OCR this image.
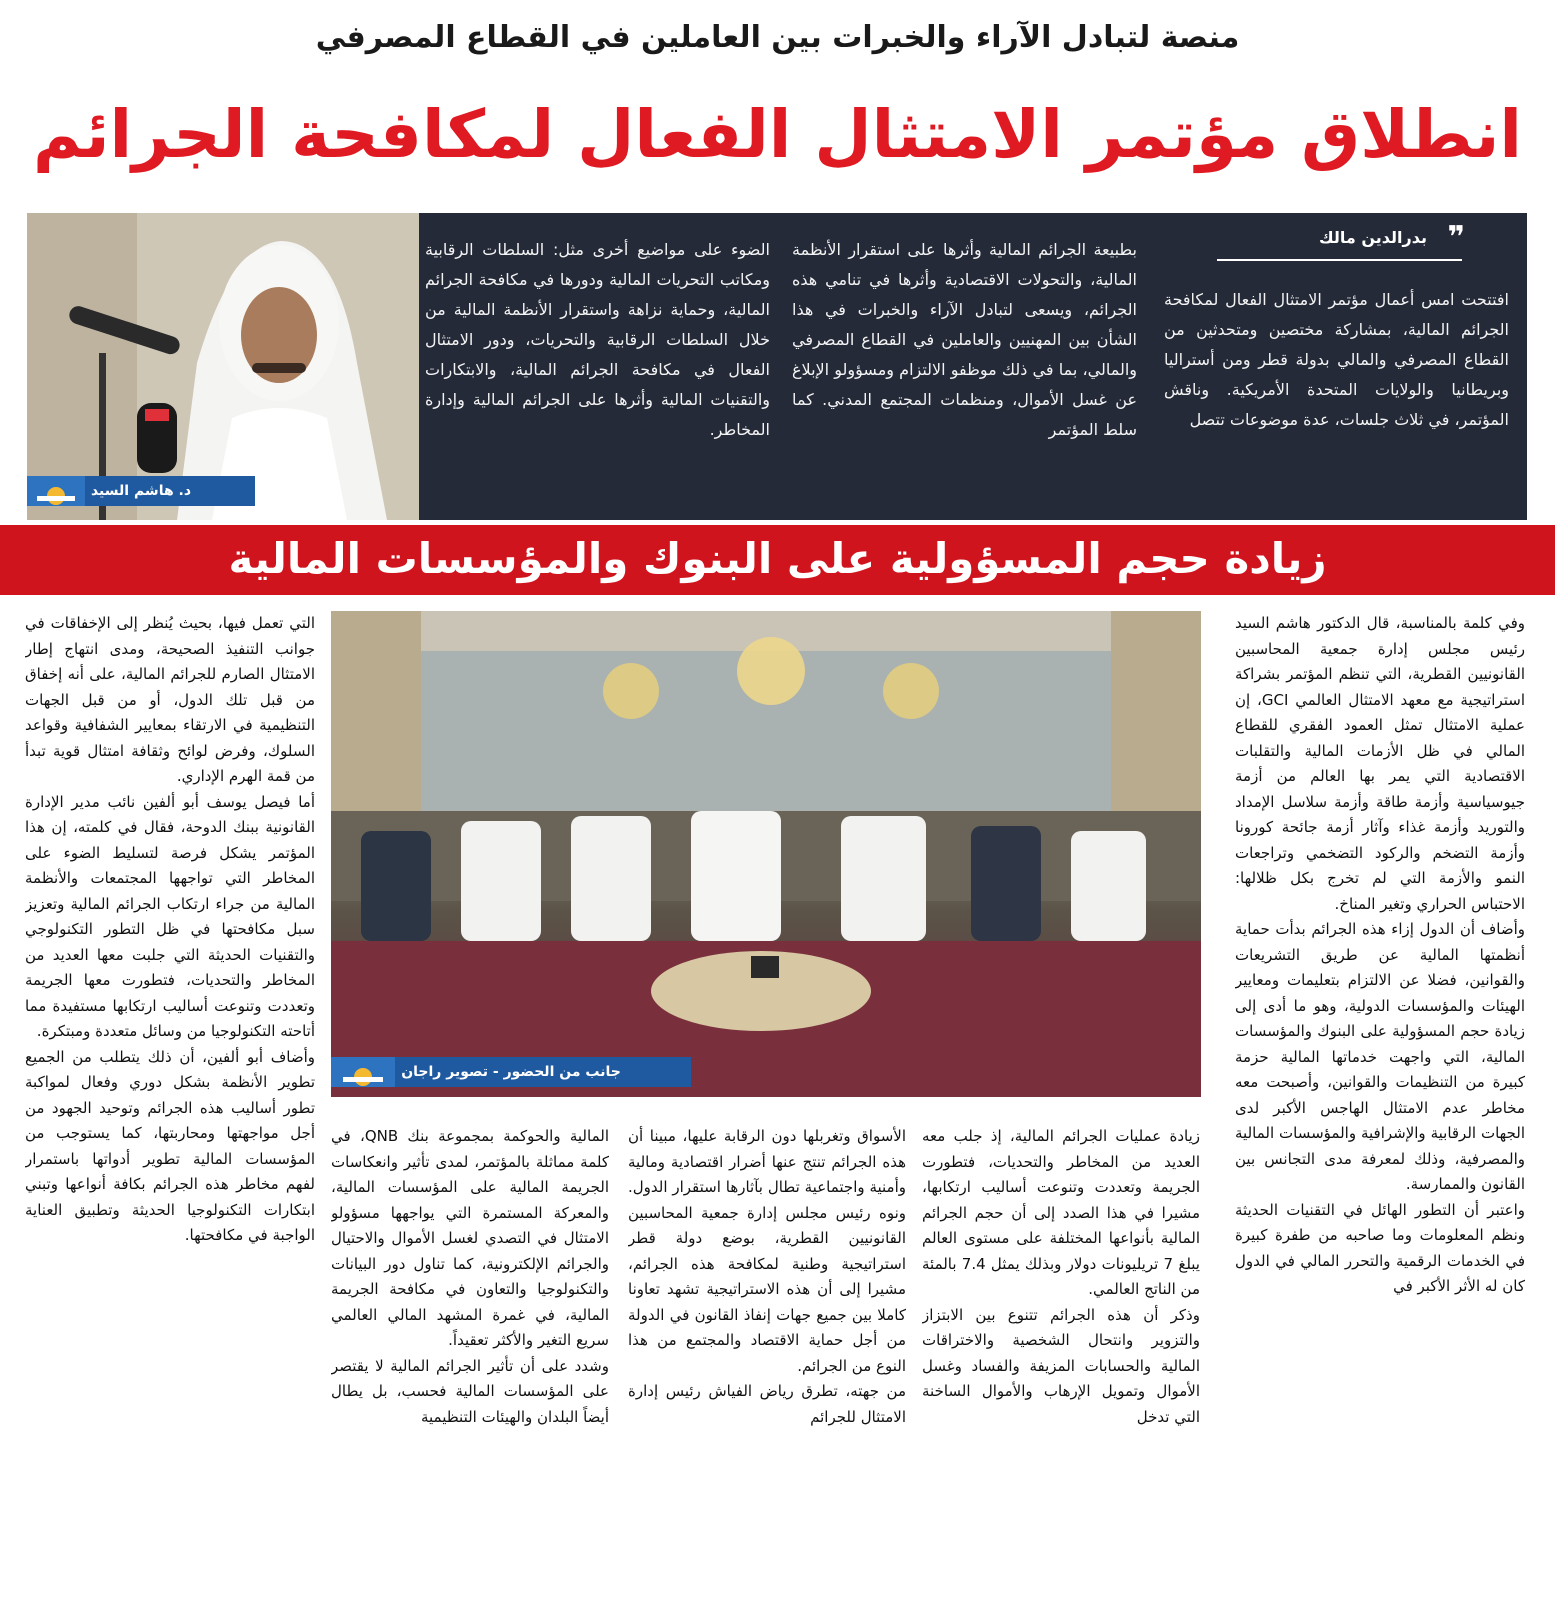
منصة لتبادل الآراء والخبرات بين العاملين في القطاع المصرفي
انطلاق مؤتمر الامتثال الفعال لمكافحة الجرائم
د. هاشم السيد
❞
بدرالدين مالك
افتتحت امس أعمال مؤتمر الامتثال الفعال لمكافحة الجرائم المالية، بمشاركة مختصين ومتحدثين من القطاع المصرفي والمالي بدولة قطر ومن أستراليا وبريطانيا والولايات المتحدة الأمريكية. وناقش المؤتمر، في ثلاث جلسات، عدة موضوعات تتصل
بطبيعة الجرائم المالية وأثرها على استقرار الأنظمة المالية، والتحولات الاقتصادية وأثرها في تنامي هذه الجرائم، ويسعى لتبادل الآراء والخبرات في هذا الشأن بين المهنيين والعاملين في القطاع المصرفي والمالي، بما في ذلك موظفو الالتزام ومسؤولو الإبلاغ عن غسل الأموال، ومنظمات المجتمع المدني. كما سلط المؤتمر
الضوء على مواضيع أخرى مثل: السلطات الرقابية ومكاتب التحريات المالية ودورها في مكافحة الجرائم المالية، وحماية نزاهة واستقرار الأنظمة المالية من خلال السلطات الرقابية والتحريات، ودور الامتثال الفعال في مكافحة الجرائم المالية، والابتكارات والتقنيات المالية وأثرها على الجرائم المالية وإدارة المخاطر.
زيادة حجم المسؤولية على البنوك والمؤسسات المالية

وفي كلمة بالمناسبة، قال الدكتور هاشم السيد رئيس مجلس إدارة جمعية المحاسبين القانونيين القطرية، التي تنظم المؤتمر بشراكة استراتيجية مع معهد الامتثال العالمي GCI، إن عملية الامتثال تمثل العمود الفقري للقطاع المالي في ظل الأزمات المالية والتقلبات الاقتصادية التي يمر بها العالم من أزمة جيوسياسية وأزمة طاقة وأزمة سلاسل الإمداد والتوريد وأزمة غذاء وآثار أزمة جائحة كورونا وأزمة التضخم والركود التضخمي وتراجعات النمو والأزمة التي لم تخرج بكل ظلالها: الاحتباس الحراري وتغير المناخ.

وأضاف أن الدول إزاء هذه الجرائم بدأت حماية أنظمتها المالية عن طريق التشريعات والقوانين، فضلا عن الالتزام بتعليمات ومعايير الهيئات والمؤسسات الدولية، وهو ما أدى إلى زيادة حجم المسؤولية على البنوك والمؤسسات المالية، التي واجهت خدماتها المالية حزمة كبيرة من التنظيمات والقوانين، وأصبحت معه مخاطر عدم الامتثال الهاجس الأكبر لدى الجهات الرقابية والإشرافية والمؤسسات المالية والمصرفية، وذلك لمعرفة مدى التجانس بين القانون والممارسة.

واعتبر أن التطور الهائل في التقنيات الحديثة ونظم المعلومات وما صاحبه من طفرة كبيرة في الخدمات الرقمية والتحرر المالي في الدول كان له الأثر الأكبر في

جانب من الحضور - تصوير راجان

التي تعمل فيها، بحيث يُنظر إلى الإخفاقات في جوانب التنفيذ الصحيحة، ومدى انتهاج إطار الامتثال الصارم للجرائم المالية، على أنه إخفاق من قبل تلك الدول، أو من قبل الجهات التنظيمية في الارتقاء بمعايير الشفافية وقواعد السلوك، وفرض لوائح وثقافة امتثال قوية تبدأ من قمة الهرم الإداري.

أما فيصل يوسف أبو ألفين نائب مدير الإدارة القانونية ببنك الدوحة، فقال في كلمته، إن هذا المؤتمر يشكل فرصة لتسليط الضوء على المخاطر التي تواجهها المجتمعات والأنظمة المالية من جراء ارتكاب الجرائم المالية وتعزيز سبل مكافحتها في ظل التطور التكنولوجي والتقنيات الحديثة التي جلبت معها العديد من المخاطر والتحديات، فتطورت معها الجريمة وتعددت وتنوعت أساليب ارتكابها مستفيدة مما أتاحته التكنولوجيا من وسائل متعددة ومبتكرة.

وأضاف أبو ألفين، أن ذلك يتطلب من الجميع تطوير الأنظمة بشكل دوري وفعال لمواكبة تطور أساليب هذه الجرائم وتوحيد الجهود من أجل مواجهتها ومحاربتها، كما يستوجب من المؤسسات المالية تطوير أدواتها باستمرار لفهم مخاطر هذه الجرائم بكافة أنواعها وتبني ابتكارات التكنولوجيا الحديثة وتطبيق العناية الواجبة في مكافحتها.

زيادة عمليات الجرائم المالية، إذ جلب معه العديد من المخاطر والتحديات، فتطورت الجريمة وتعددت وتنوعت أساليب ارتكابها، مشيرا في هذا الصدد إلى أن حجم الجرائم المالية بأنواعها المختلفة على مستوى العالم يبلغ 7 تريليونات دولار وبذلك يمثل 7.4 بالمئة من الناتج العالمي.

وذكر أن هذه الجرائم تتنوع بين الابتزاز والتزوير وانتحال الشخصية والاختراقات المالية والحسابات المزيفة والفساد وغسل الأموال وتمويل الإرهاب والأموال الساخنة التي تدخل

الأسواق وتغربلها دون الرقابة عليها، مبينا أن هذه الجرائم تنتج عنها أضرار اقتصادية ومالية وأمنية واجتماعية تطال بآثارها استقرار الدول. ونوه رئيس مجلس إدارة جمعية المحاسبين القانونيين القطرية، بوضع دولة قطر استراتيجية وطنية لمكافحة هذه الجرائم، مشيرا إلى أن هذه الاستراتيجية تشهد تعاونا كاملا بين جميع جهات إنفاذ القانون في الدولة من أجل حماية الاقتصاد والمجتمع من هذا النوع من الجرائم.

من جهته، تطرق رياض الفياش رئيس إدارة الامتثال للجرائم

المالية والحوكمة بمجموعة بنك QNB، في كلمة مماثلة بالمؤتمر، لمدى تأثير وانعكاسات الجريمة المالية على المؤسسات المالية، والمعركة المستمرة التي يواجهها مسؤولو الامتثال في التصدي لغسل الأموال والاحتيال والجرائم الإلكترونية، كما تناول دور البيانات والتكنولوجيا والتعاون في مكافحة الجريمة المالية، في غمرة المشهد المالي العالمي سريع التغير والأكثر تعقيداً.

وشدد على أن تأثير الجرائم المالية لا يقتصر على المؤسسات المالية فحسب، بل يطال أيضاً البلدان والهيئات التنظيمية
